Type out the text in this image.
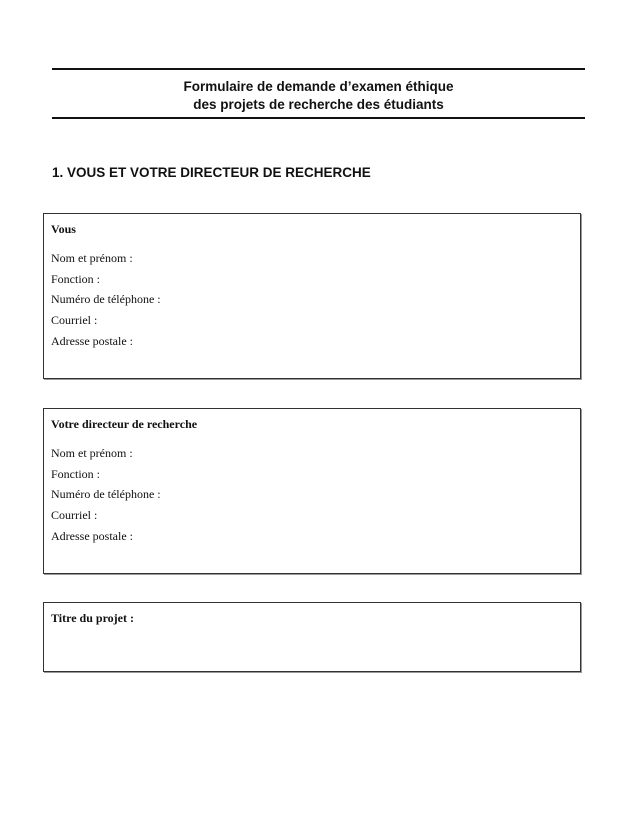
Formulaire de demande d’examen éthique
des projets de recherche des étudiants
1. VOUS ET VOTRE DIRECTEUR DE RECHERCHE
Vous
Nom et prénom :
Fonction :
Numéro de téléphone :
Courriel :
Adresse postale :
Votre directeur de recherche
Nom et prénom :
Fonction :
Numéro de téléphone :
Courriel :
Adresse postale :
Titre du projet :
